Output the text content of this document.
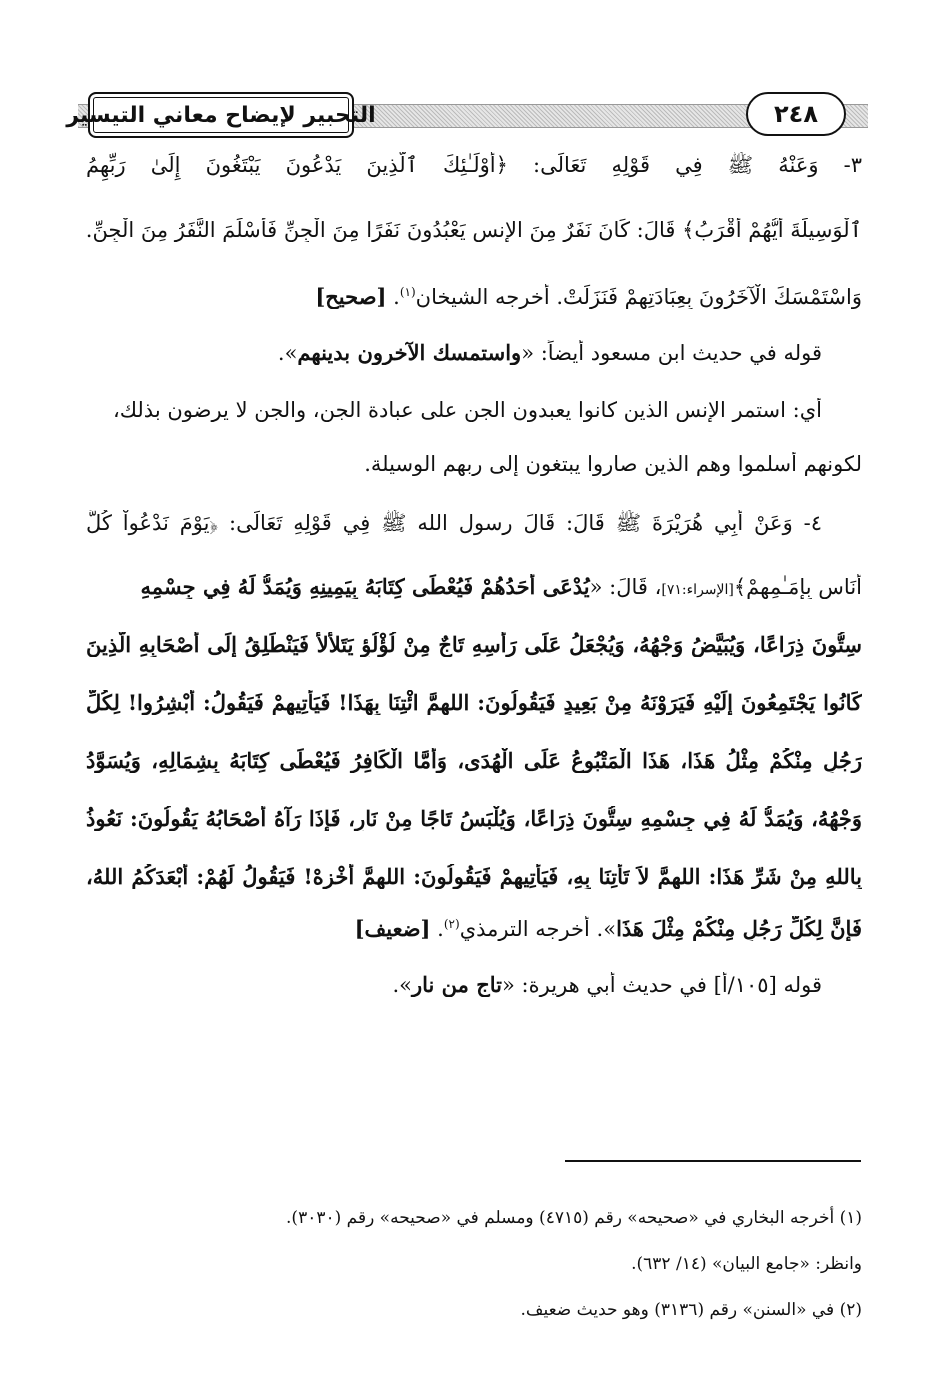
التحبير لإيضاح معاني التيسير	٢٤٨
٣- وَعَنْهُ ﷺ فِي قَوْلِهِ تَعَالَى: ﴿أُوْلَـٰئِكَ ٱلَّذِينَ يَدْعُونَ يَبْتَغُونَ إِلَىٰ رَبِّهِمُ
ٱلْوَسِيلَةَ أَيُّهُمْ أَقْرَبُ﴾ قَالَ: كَانَ نَفَرٌ مِنَ الإِنسِ يَعْبُدُونَ نَفَرًا مِنَ الْجِنِّ فَأَسْلَمَ النَّفَرُ مِنَ الْجِنِّ.
وَاسْتَمْسَكَ الْآخَرُونَ بِعِبَادَتِهِمْ فَنَزَلَتْ. أخرجه الشيخان$^{(١)}$. [صحيح]
قوله في حديث ابن مسعود أيضاً: «واستمسك الآخرون بدينهم».
أي: استمر الإنس الذين كانوا يعبدون الجن على عبادة الجن، والجن لا يرضون بذلك،
لكونهم أسلموا وهم الذين صاروا يبتغون إلى ربهم الوسيلة.
٤- وَعَنْ أَبِي هُرَيْرَةَ ﷺ قَالَ: قَالَ رسول الله ﷺ فِي قَوْلِهِ تَعَالَى: ﴿يَوْمَ نَدْعُواْ كُلَّ
أُنَاسِ بِإِمَـٰمِهِمْ﴾[الإسراء:٧١]، قَالَ: «يُدْعَى أَحَدُهُمْ فَيُعْطَى كِتَابَهُ بِيَمِينِهِ وَيُمَدُّ لَهُ فِي جِسْمِهِ
سِتُّونَ ذِرَاعًا، وَيُبَيَّضُ وَجْهُهُ، وَيُجْعَلُ عَلَى رَأْسِهِ تَاجٌ مِنْ لُؤْلُؤٍ يَتَلأْلأُ فَيَنْطَلِقُ إِلَى أَصْحَابِهِ الَّذِينَ
كَانُوا يَجْتَمِعُونَ إِلَيْهِ فَيَرَوْنَهُ مِنْ بَعِيدٍ فَيَقُولُونَ: اللهمَّ ائْتِنَا بِهَذَا! فَيَأْتِيهِمْ فَيَقُولُ: أَبْشِرُوا! لِكُلِّ
رَجُلٍ مِنْكُمْ مِثْلُ هَذَا، هَذَا الْمَتْبُوعُ عَلَى الْهُدَى، وَأَمَّا الْكَافِرُ فَيُعْطَى كِتَابَهُ بِشِمَالِهِ، وَيُسَوَّدُ
وَجْهُهُ، وَيُمَدُّ لَهُ فِي جِسْمِهِ سِتُّونَ ذِرَاعًا، وَيُلْبَسُ تَاجًا مِنْ نَارٍ، فَإِذَا رَآهُ أَصْحَابُهُ يَقُولُونَ: نَعُوذُ
بِاللهِ مِنْ شَرِّ هَذَا: اللهمَّ لاَ تَأْتِنَا بِهِ، فَيَأْتِيهِمْ فَيَقُولُونَ: اللهمَّ أَخْزِهْ! فَيَقُولُ لَهُمْ: أَبْعَدَكُمُ اللهُ،
فَإِنَّ لِكُلِّ رَجُلٍ مِنْكُمْ مِثْلَ هَذَا». أخرجه الترمذي$^{(٢)}$. [ضعيف]
قوله [١٠٥/أ] في حديث أبي هريرة: «تاج من نار».
(١) أخرجه البخاري في «صحيحه» رقم (٤٧١٥) ومسلم في «صحيحه» رقم (٣٠٣٠).
وانظر: «جامع البيان» (١٤/ ٦٣٢).
(٢) في «السنن» رقم (٣١٣٦) وهو حديث ضعيف.
